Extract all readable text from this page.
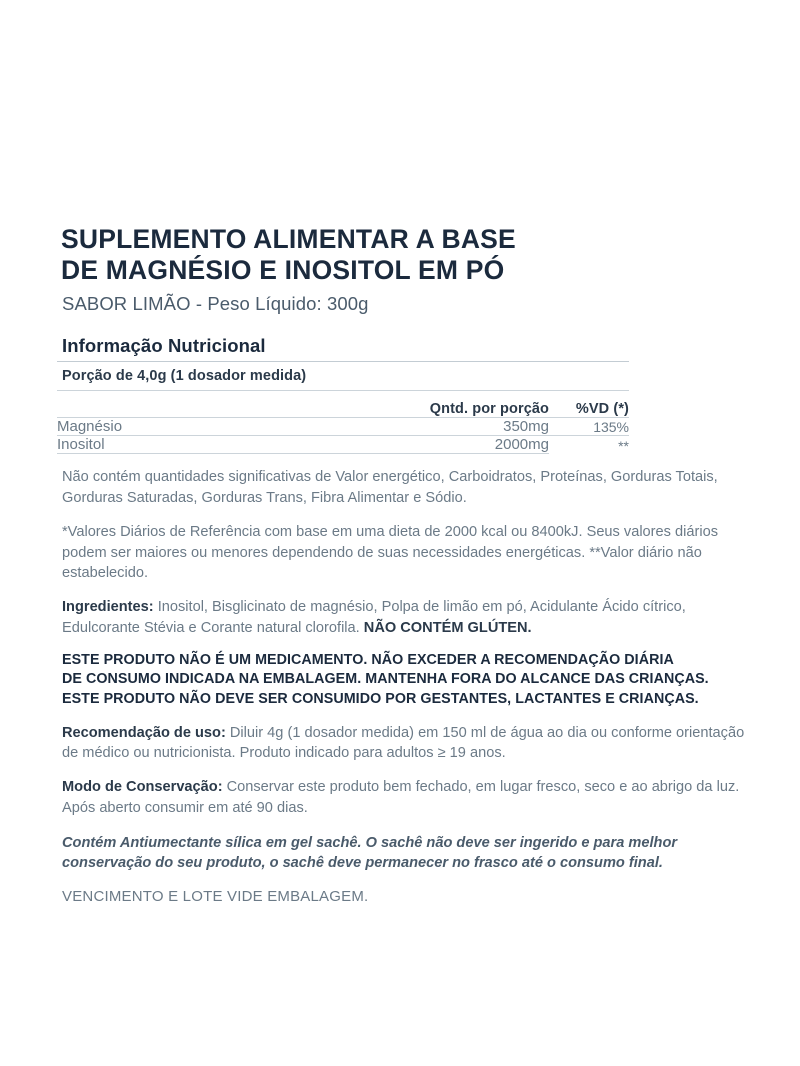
SUPLEMENTO ALIMENTAR A BASE
DE MAGNÉSIO E INOSITOL EM PÓ
SABOR LIMÃO - Peso Líquido: 300g
Informação Nutricional
Porção de 4,0g (1 dosador medida)
	Qntd. por porção	%VD (*)
Magnésio	350mg	135%
Inositol	2000mg	**

Não contém quantidades significativas de Valor energético, Carboidratos, Proteínas, Gorduras Totais, Gorduras Saturadas, Gorduras Trans, Fibra Alimentar e Sódio.

*Valores Diários de Referência com base em uma dieta de 2000 kcal ou 8400kJ. Seus valores diários podem ser maiores ou menores dependendo de suas necessidades energéticas. **Valor diário não estabelecido.

Ingredientes: Inositol, Bisglicinato de magnésio, Polpa de limão em pó, Acidulante Ácido cítrico, Edulcorante Stévia e Corante natural clorofila. NÃO CONTÉM GLÚTEN.

ESTE PRODUTO NÃO É UM MEDICAMENTO. NÃO EXCEDER A RECOMENDAÇÃO DIÁRIA
DE CONSUMO INDICADA NA EMBALAGEM. MANTENHA FORA DO ALCANCE DAS CRIANÇAS.
ESTE PRODUTO NÃO DEVE SER CONSUMIDO POR GESTANTES, LACTANTES E CRIANÇAS.

Recomendação de uso: Diluir 4g (1 dosador medida) em 150 ml de água ao dia ou conforme orientação de médico ou nutricionista. Produto indicado para adultos ≥ 19 anos.

Modo de Conservação: Conservar este produto bem fechado, em lugar fresco, seco e ao abrigo da luz. Após aberto consumir em até 90 dias.

Contém Antiumectante sílica em gel sachê. O sachê não deve ser ingerido e para melhor conservação do seu produto, o sachê deve permanecer no frasco até o consumo final.

VENCIMENTO E LOTE VIDE EMBALAGEM.
